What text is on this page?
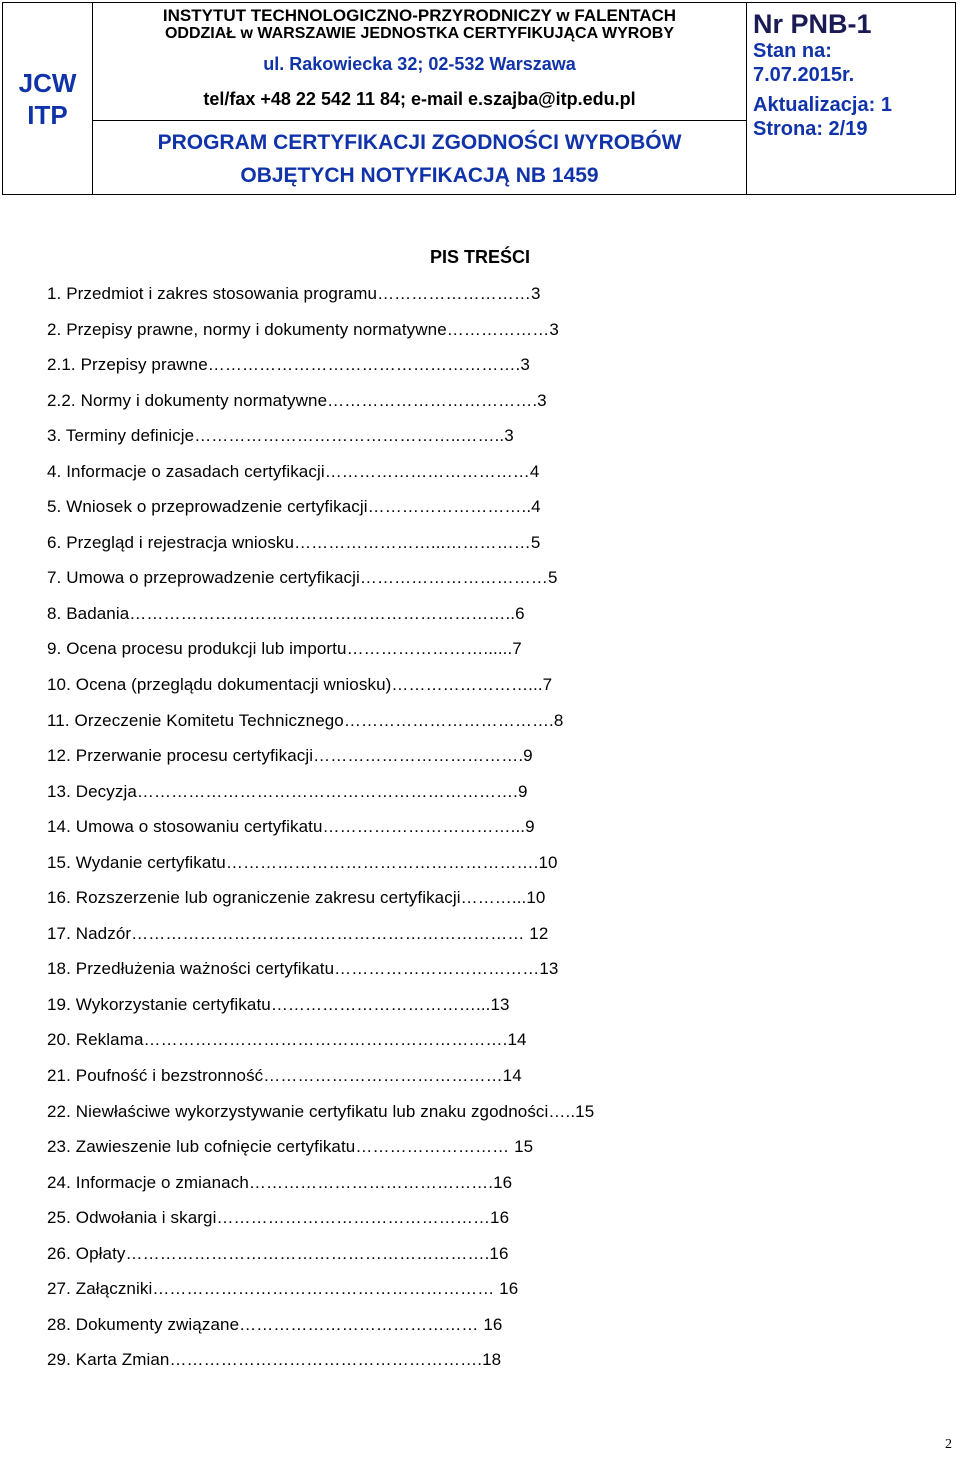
JCW
ITP
INSTYTUT TECHNOLOGICZNO-PRZYRODNICZY w FALENTACH
ODDZIAŁ w WARSZAWIE JEDNOSTKA CERTYFIKUJĄCA WYROBY
ul. Rakowiecka 32; 02-532 Warszawa
tel/fax +48 22 542 11 84; e-mail e.szajba@itp.edu.pl
PROGRAM CERTYFIKACJI ZGODNOŚCI WYROBÓW
OBJĘTYCH NOTYFIKACJĄ NB 1459
Nr PNB-1
Stan na:
7.07.2015r.
Aktualizacja: 1
Strona: 2/19
PIS TREŚCI
1. Przedmiot i zakres stosowania programu………………………3
2. Przepisy prawne, normy i dokumenty normatywne………………3
2.1. Przepisy prawne……………………………………………….3
2.2. Normy i dokumenty normatywne……………………………….3
3. Terminy definicje………………………………………..……..3
4. Informacje o zasadach certyfikacji………………………………4
5. Wniosek o przeprowadzenie certyfikacji………………………..4
6. Przegląd i rejestracja wniosku……………………...……………5
7. Umowa o przeprowadzenie certyfikacji……………………………5
8. Badania…………………………………………………………..6
9. Ocena procesu produkcji lub importu……………………......7
10. Ocena (przeglądu dokumentacji wniosku)……………………...7
11. Orzeczenie Komitetu Technicznego……………………………….8
12. Przerwanie procesu certyfikacji……………………………….9
13. Decyzja………………………………………………………….9
14. Umowa o stosowaniu certyfikatu……………………………...9
15. Wydanie certyfikatu……………………………………………….10
16. Rozszerzenie lub ograniczenie zakresu certyfikacji………...10
17. Nadzór…………………………………………………………… 12
18. Przedłużenia ważności certyfikatu………………………………13
19. Wykorzystanie certyfikatu………………………………...13
20. Reklama……………………………………………………….14
21. Poufność i bezstronność……………………………………14
22. Niewłaściwe wykorzystywanie certyfikatu lub znaku zgodności…..15
23. Zawieszenie lub cofnięcie certyfikatu……………………… 15
24. Informacje o zmianach…………………………………….16
25. Odwołania i skargi…………………………………………16
26. Opłaty……………………………………………………….16
27. Załączniki…………………………………………………… 16
28. Dokumenty związane…………………………………… 16
29. Karta Zmian……………………………………………….18
2
